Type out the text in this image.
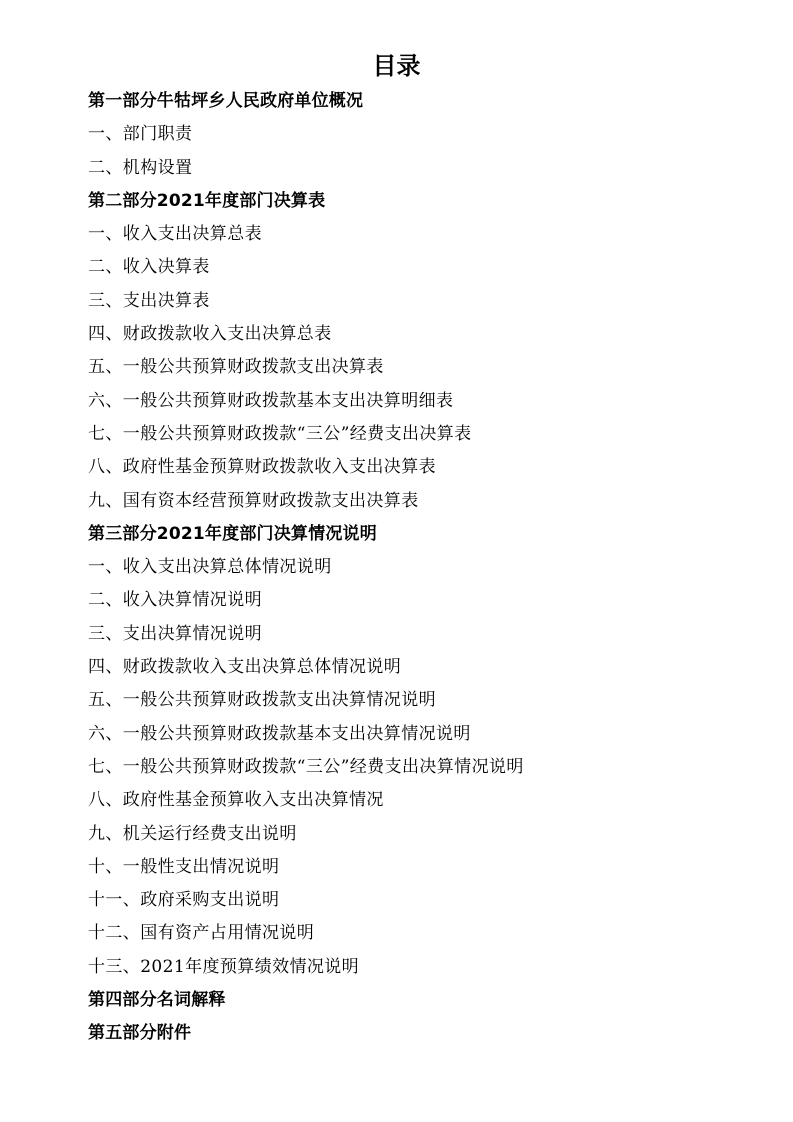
目录
第一部分牛牯坪乡人民政府单位概况
一、部门职责
二、机构设置
第二部分2021年度部门决算表
一、收入支出决算总表
二、收入决算表
三、支出决算表
四、财政拨款收入支出决算总表
五、一般公共预算财政拨款支出决算表
六、一般公共预算财政拨款基本支出决算明细表
七、一般公共预算财政拨款“三公”经费支出决算表
八、政府性基金预算财政拨款收入支出决算表
九、国有资本经营预算财政拨款支出决算表
第三部分2021年度部门决算情况说明
一、收入支出决算总体情况说明
二、收入决算情况说明
三、支出决算情况说明
四、财政拨款收入支出决算总体情况说明
五、一般公共预算财政拨款支出决算情况说明
六、一般公共预算财政拨款基本支出决算情况说明
七、一般公共预算财政拨款“三公”经费支出决算情况说明
八、政府性基金预算收入支出决算情况
九、机关运行经费支出说明
十、一般性支出情况说明
十一、政府采购支出说明
十二、国有资产占用情况说明
十三、2021年度预算绩效情况说明
第四部分名词解释
第五部分附件
